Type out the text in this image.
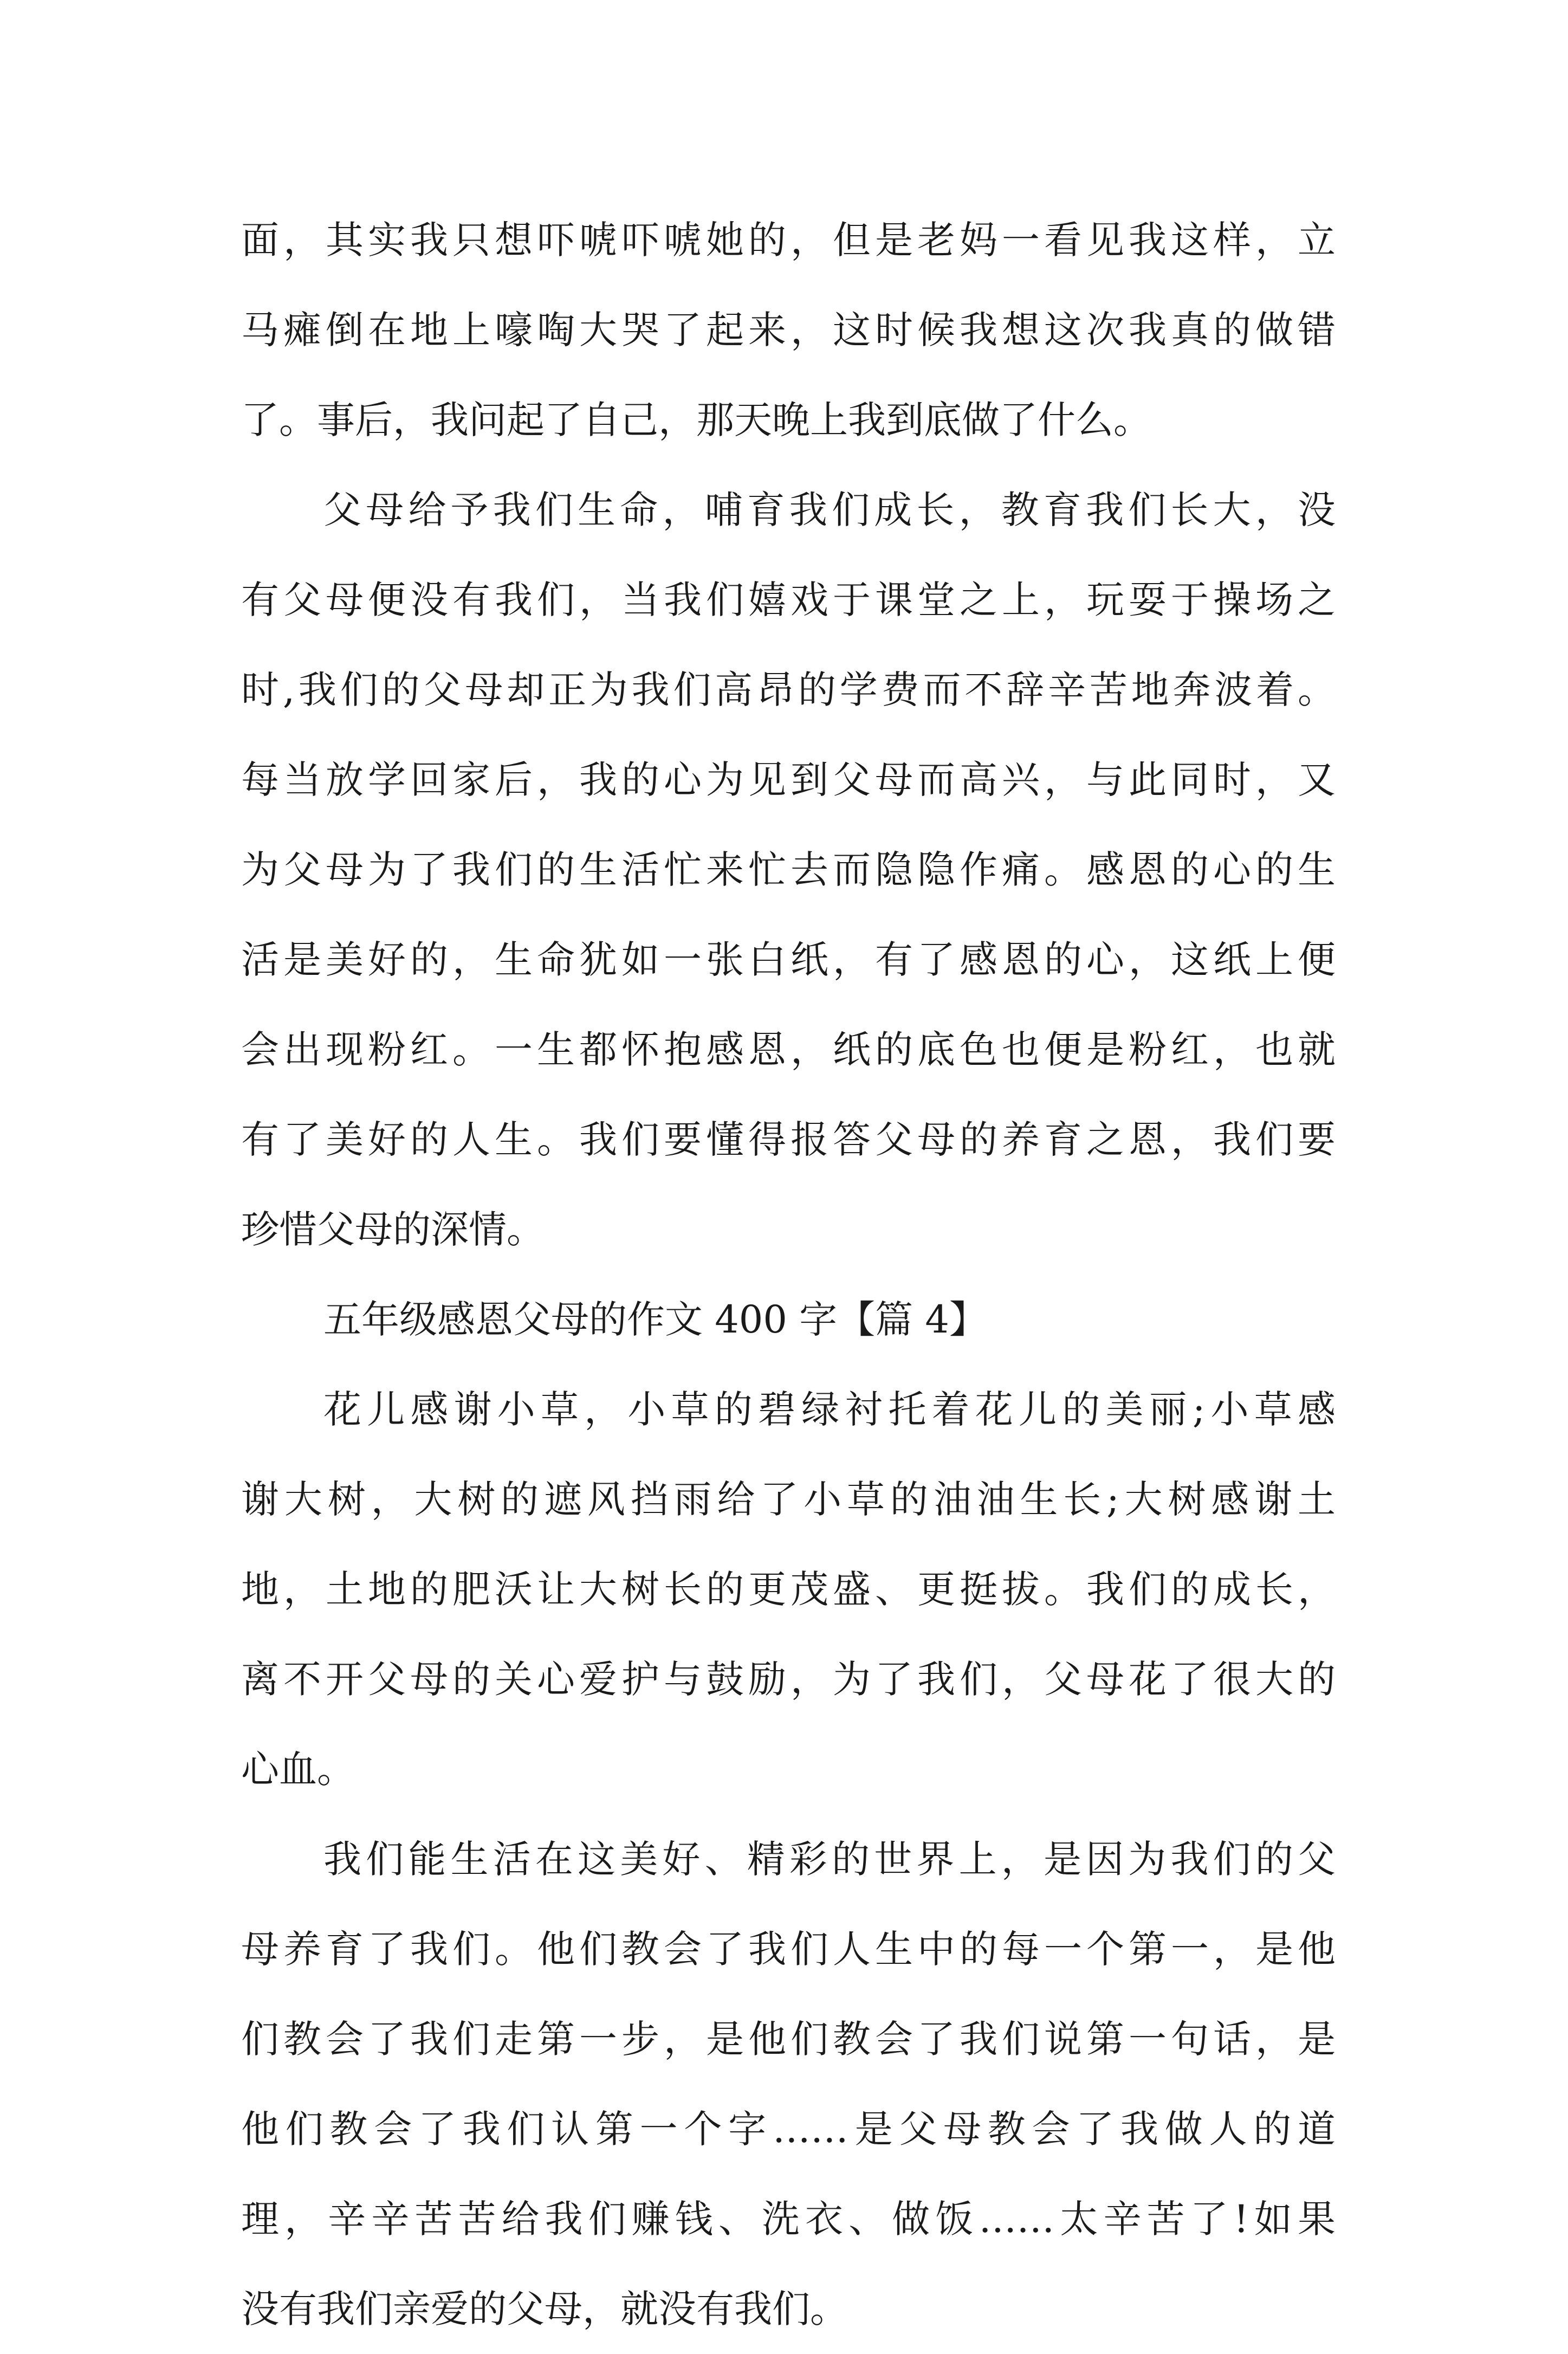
面，其实我只想吓唬吓唬她的，但是老妈一看见我这样，立
马瘫倒在地上嚎啕大哭了起来，这时候我想这次我真的做错
了。事后，我问起了自己，那天晚上我到底做了什么。
父母给予我们生命，哺育我们成长，教育我们长大，没
有父母便没有我们，当我们嬉戏于课堂之上，玩耍于操场之
时,我们的父母却正为我们高昂的学费而不辞辛苦地奔波着。
每当放学回家后，我的心为见到父母而高兴，与此同时，又
为父母为了我们的生活忙来忙去而隐隐作痛。感恩的心的生
活是美好的，生命犹如一张白纸，有了感恩的心，这纸上便
会出现粉红。一生都怀抱感恩，纸的底色也便是粉红，也就
有了美好的人生。我们要懂得报答父母的养育之恩，我们要
珍惜父母的深情。
五年级感恩父母的作文 400 字【篇 4】
花儿感谢小草，小草的碧绿衬托着花儿的美丽;小草感
谢大树，大树的遮风挡雨给了小草的油油生长;大树感谢土
地，土地的肥沃让大树长的更茂盛、更挺拔。我们的成长，
离不开父母的关心爱护与鼓励，为了我们，父母花了很大的
心血。
我们能生活在这美好、精彩的世界上，是因为我们的父
母养育了我们。他们教会了我们人生中的每一个第一，是他
们教会了我们走第一步，是他们教会了我们说第一句话，是
他们教会了我们认第一个字……是父母教会了我做人的道
理，辛辛苦苦给我们赚钱、洗衣、做饭……太辛苦了!如果
没有我们亲爱的父母，就没有我们。
